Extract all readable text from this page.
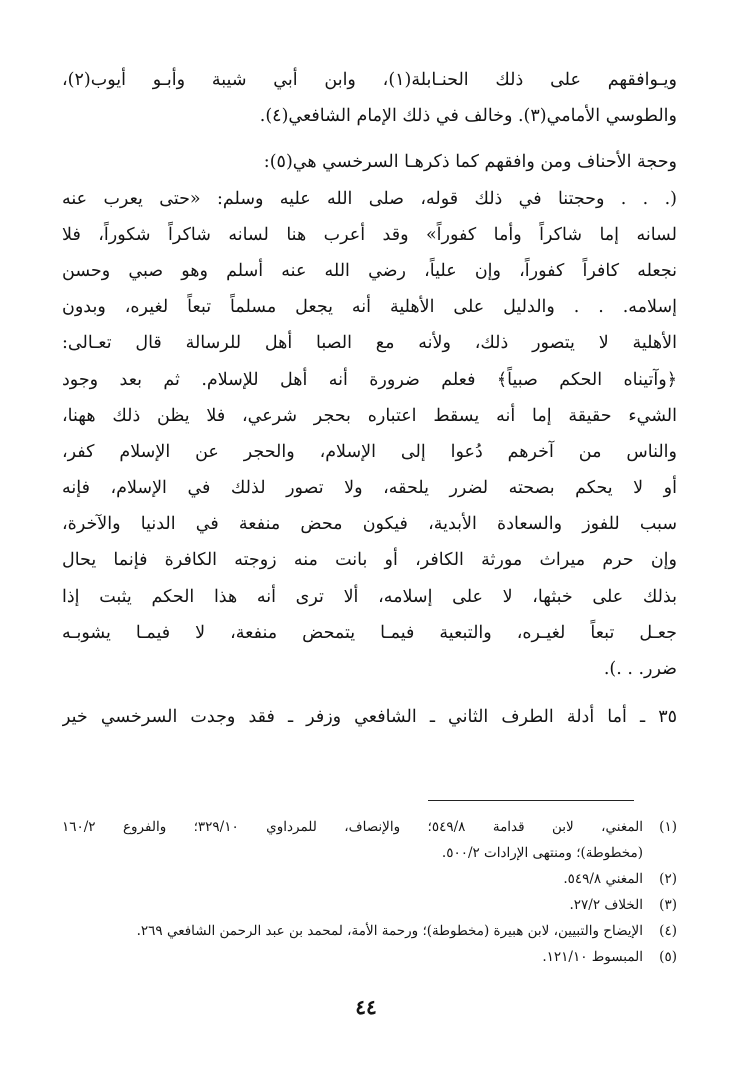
ويـوافقهم على ذلك الحنـابلة(١)، وابن أبي شيبة وأبـو أيوب(٢)،
والطوسي الأمامي(٣). وخالف في ذلك الإمام الشافعي(٤).
وحجة الأحناف ومن وافقهم كما ذكرهـا السرخسي هي(٥):
(. . . وحجتنا في ذلك قوله، صلى الله عليه وسلم: «حتى يعرب عنه
لسانه إما شاكراً وأما كفوراً» وقد أعرب هنا لسانه شاكراً شكوراً، فلا
نجعله كافراً كفوراً، وإن علياً، رضي الله عنه أسلم وهو صبي وحسن
إسلامه. . . والدليل على الأهلية أنه يجعل مسلماً تبعاً لغيره، وبدون
الأهلية لا يتصور ذلك، ولأنه مع الصبا أهل للرسالة قال تعـالى:
﴿وآتيناه الحكم صبياً﴾ فعلم ضرورة أنه أهل للإسلام. ثم بعد وجود
الشيء حقيقة إما أنه يسقط اعتباره بحجر شرعي، فلا يظن ذلك ههنا،
والناس من آخرهم دُعوا إلى الإسلام، والحجر عن الإسلام كفر،
أو لا يحكم بصحته لضرر يلحقه، ولا تصور لذلك في الإسلام، فإنه
سبب للفوز والسعادة الأبدية، فيكون محض منفعة في الدنيا والآخرة،
وإن حرم ميراث مورثة الكافر، أو بانت منه زوجته الكافرة فإنما يحال
بذلك على خبثها، لا على إسلامه، ألا ترى أنه هذا الحكم يثبت إذا
جعـل تبعاً لغيـره، والتبعية فيمـا يتمحض منفعة، لا فيمـا يشوبـه
ضرر. . .).
٣٥ ـ أما أدلة الطرف الثاني ـ الشافعي وزفر ـ فقد وجدت السرخسي خير
(١)
المغني، لابن قدامة ٥٤٩/٨؛ والإنصاف، للمرداوي ٣٢٩/١٠؛ والفروع ١٦٠/٢
(مخطوطة)؛ ومنتهى الإرادات ٥٠٠/٢.
(٢)
المغني ٥٤٩/٨.
(٣)
الخلاف ٢٧/٢.
(٤)
الإيضاح والتبيين، لابن هبيرة (مخطوطة)؛ ورحمة الأمة، لمحمد بن عبد الرحمن الشافعي ٢٦٩.
(٥)
المبسوط ١٢١/١٠.
٤٤
